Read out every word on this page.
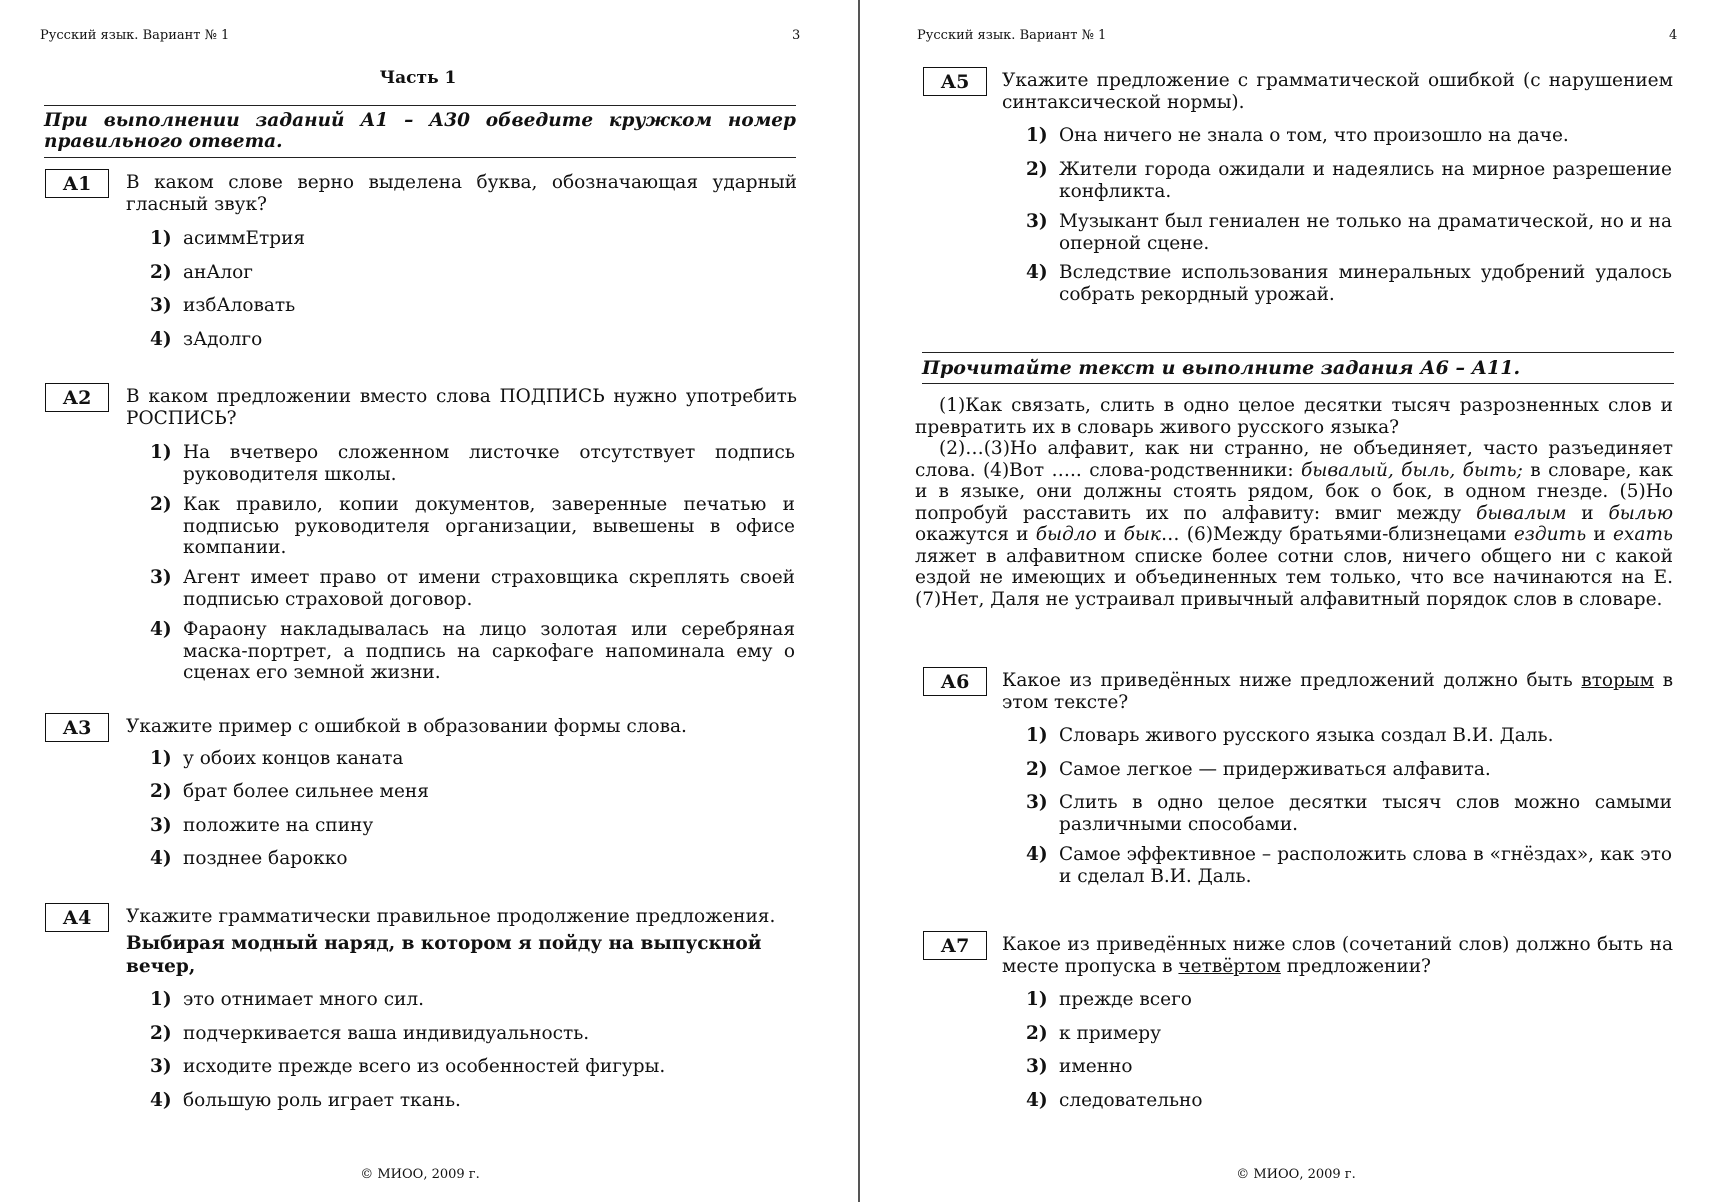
Русский язык. Вариант № 1	3
Часть 1
При выполнении заданий А1 – А30 обведите кружком номер правильного ответа.
А1	В каком слове верно выделена буква, обозначающая ударный гласный звук?
1) асиммЕтрия
2) анАлог
3) избАловать
4) зАдолго
А2	В каком предложении вместо слова ПОДПИСЬ нужно употребить РОСПИСЬ?
1) На вчетверо сложенном листочке отсутствует подпись руководителя школы.
2) Как правило, копии документов, заверенные печатью и подписью руководителя организации, вывешены в офисе компании.
3) Агент имеет право от имени страховщика скреплять своей подписью страховой договор.
4) Фараону накладывалась на лицо золотая или серебряная маска-портрет, а подпись на саркофаге напоминала ему о сценах его земной жизни.
А3	Укажите пример с ошибкой в образовании формы слова.
1) у обоих концов каната
2) брат более сильнее меня
3) положите на спину
4) позднее барокко
А4	Укажите грамматически правильное продолжение предложения.
Выбирая модный наряд, в котором я пойду на выпускной вечер,
1) это отнимает много сил.
2) подчеркивается ваша индивидуальность.
3) исходите прежде всего из особенностей фигуры.
4) большую роль играет ткань.
© МИОО, 2009 г.
Русский язык. Вариант № 1	4
А5	Укажите предложение с грамматической ошибкой (с нарушением синтаксической нормы).
1) Она ничего не знала о том, что произошло на даче.
2) Жители города ожидали и надеялись на мирное разрешение конфликта.
3) Музыкант был гениален не только на драматической, но и на оперной сцене.
4) Вследствие использования минеральных удобрений удалось собрать рекордный урожай.
Прочитайте текст и выполните задания А6 – А11.

(1)Как связать, слить в одно целое десятки тысяч разрозненных слов и превратить их в словарь живого русского языка?

(2)…(3)Но алфавит, как ни странно, не объединяет, часто разъединяет слова. (4)Вот ….. слова-родственники: бывалый, быль, быть; в словаре, как и в языке, они должны стоять рядом, бок о бок, в одном гнезде. (5)Но попробуй расставить их по алфавиту: вмиг между бывалым и былью окажутся и быдло и бык… (6)Между братьями-близнецами ездить и ехать ляжет в алфавитном списке более сотни слов, ничего общего ни с какой ездой не имеющих и объединенных тем только, что все начинаются на Е. (7)Нет, Даля не устраивал привычный алфавитный порядок слов в словаре.

А6	Какое из приведённых ниже предложений должно быть вторым в этом тексте?
1) Словарь живого русского языка создал В.И. Даль.
2) Самое легкое — придерживаться алфавита.
3) Слить в одно целое десятки тысяч слов можно самыми различными способами.
4) Самое эффективное – расположить слова в «гнёздах», как это и сделал В.И. Даль.
А7	Какое из приведённых ниже слов (сочетаний слов) должно быть на месте пропуска в четвёртом предложении?
1) прежде всего
2) к примеру
3) именно
4) следовательно
© МИОО, 2009 г.
